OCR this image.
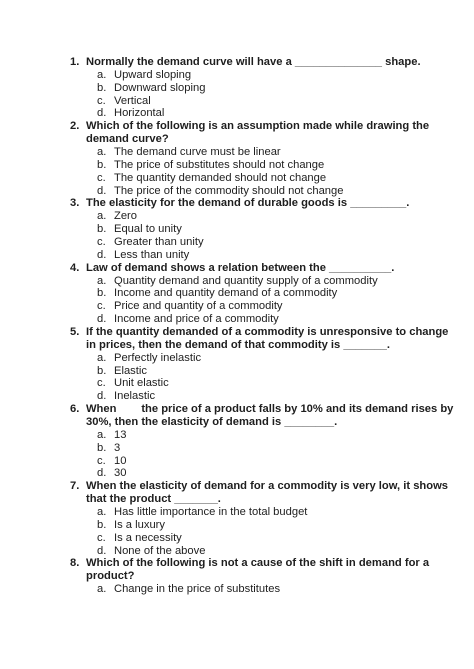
1. Normally the demand curve will have a ______________ shape.
a. Upward sloping
b. Downward sloping
c. Vertical
d. Horizontal
2. Which of the following is an assumption made while drawing the demand curve?
a. The demand curve must be linear
b. The price of substitutes should not change
c. The quantity demanded should not change
d. The price of the commodity should not change
3. The elasticity for the demand of durable goods is _________.
a. Zero
b. Equal to unity
c. Greater than unity
d. Less than unity
4. Law of demand shows a relation between the __________.
a. Quantity demand and quantity supply of a commodity
b. Income and quantity demand of a commodity
c. Price and quantity of a commodity
d. Income and price of a commodity
5. If the quantity demanded of a commodity is unresponsive to change in prices, then the demand of that commodity is _______.
a. Perfectly inelastic
b. Elastic
c. Unit elastic
d. Inelastic
6. When        the price of a product falls by 10% and its demand rises by 30%, then the elasticity of demand is ________.
a. 13
b. 3
c. 10
d. 30
7. When the elasticity of demand for a commodity is very low, it shows that the product _______.
a. Has little importance in the total budget
b. Is a luxury
c. Is a necessity
d. None of the above
8. Which of the following is not a cause of the shift in demand for a product?
a. Change in the price of substitutes
